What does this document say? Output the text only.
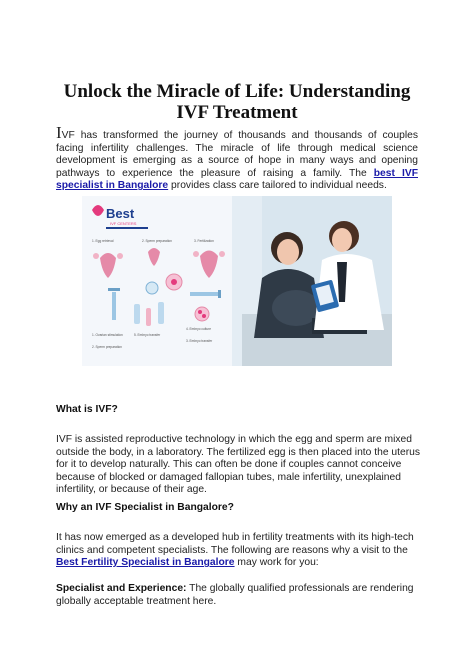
Unlock the Miracle of Life: Understanding
IVF Treatment

IVF has transformed the journey of thousands and thousands of couples facing infertility challenges. The miracle of life through medical science development is emerging as a source of hope in many ways and opening pathways to experience the pleasure of raising a family. The best IVF specialist in Bangalore provides class care tailored to individual needs.

Best
IVF CENTERS
1. Egg retrieval	2. Sperm preparation	3. Fertilization
4. Embryo culture
5. Embryo transfer
1. Ovarian stimulation
2. Sperm preparation
3. Embryo transfer
What is IVF?

IVF is assisted reproductive technology in which the egg and sperm are mixed outside the body, in a laboratory. The fertilized egg is then placed into the uterus for it to develop naturally. This can often be done if couples cannot conceive because of blocked or damaged fallopian tubes, male infertility, unexplained infertility, or because of their age.

Why an IVF Specialist in Bangalore?

It has now emerged as a developed hub in fertility treatments with its high-tech clinics and competent specialists. The following are reasons why a visit to the Best Fertility Specialist in Bangalore may work for you:

Specialist and Experience: The globally qualified professionals are rendering globally acceptable treatment here.
